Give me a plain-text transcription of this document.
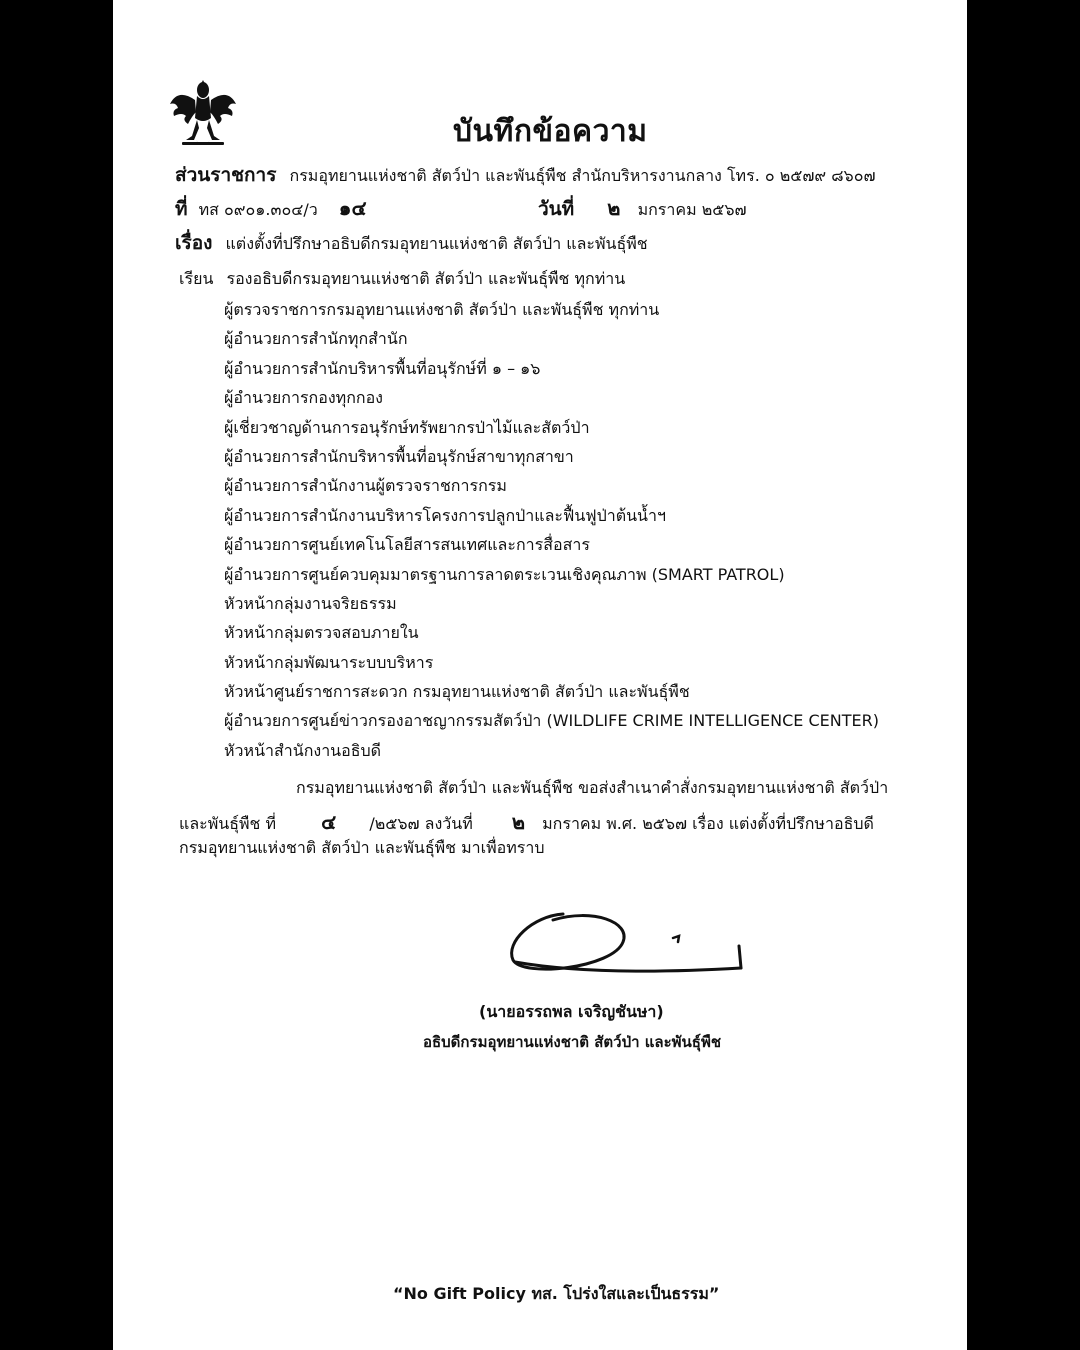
บันทึกข้อความ
ส่วนราชการ กรมอุทยานแห่งชาติ สัตว์ป่า และพันธุ์พืช สำนักบริหารงานกลาง โทร. ๐ ๒๕๗๙ ๘๖๐๗
ที่ ทส ๐๙๐๑.๓๐๔/ว ๑๔	วันที่ ๒ มกราคม ๒๕๖๗
เรื่อง แต่งตั้งที่ปรึกษาอธิบดีกรมอุทยานแห่งชาติ สัตว์ป่า และพันธุ์พืช
เรียน รองอธิบดีกรมอุทยานแห่งชาติ สัตว์ป่า และพันธุ์พืช ทุกท่าน
ผู้ตรวจราชการกรมอุทยานแห่งชาติ สัตว์ป่า และพันธุ์พืช ทุกท่าน
ผู้อำนวยการสำนักทุกสำนัก
ผู้อำนวยการสำนักบริหารพื้นที่อนุรักษ์ที่ ๑ – ๑๖
ผู้อำนวยการกองทุกกอง
ผู้เชี่ยวชาญด้านการอนุรักษ์ทรัพยากรป่าไม้และสัตว์ป่า
ผู้อำนวยการสำนักบริหารพื้นที่อนุรักษ์สาขาทุกสาขา
ผู้อำนวยการสำนักงานผู้ตรวจราชการกรม
ผู้อำนวยการสำนักงานบริหารโครงการปลูกป่าและฟื้นฟูป่าต้นน้ำฯ
ผู้อำนวยการศูนย์เทคโนโลยีสารสนเทศและการสื่อสาร
ผู้อำนวยการศูนย์ควบคุมมาตรฐานการลาดตระเวนเชิงคุณภาพ (SMART PATROL)
หัวหน้ากลุ่มงานจริยธรรม
หัวหน้ากลุ่มตรวจสอบภายใน
หัวหน้ากลุ่มพัฒนาระบบบริหาร
หัวหน้าศูนย์ราชการสะดวก กรมอุทยานแห่งชาติ สัตว์ป่า และพันธุ์พืช
ผู้อำนวยการศูนย์ข่าวกรองอาชญากรรมสัตว์ป่า (WILDLIFE CRIME INTELLIGENCE CENTER)
หัวหน้าสำนักงานอธิบดี
กรมอุทยานแห่งชาติ สัตว์ป่า และพันธุ์พืช ขอส่งสำเนาคำสั่งกรมอุทยานแห่งชาติ สัตว์ป่า
และพันธุ์พืช ที่ ๔ /๒๕๖๗ ลงวันที่ ๒ มกราคม พ.ศ. ๒๕๖๗ เรื่อง แต่งตั้งที่ปรึกษาอธิบดี
กรมอุทยานแห่งชาติ สัตว์ป่า และพันธุ์พืช มาเพื่อทราบ
(นายอรรถพล เจริญชันษา)
อธิบดีกรมอุทยานแห่งชาติ สัตว์ป่า และพันธุ์พืช
“No Gift Policy ทส. โปร่งใสและเป็นธรรม”
